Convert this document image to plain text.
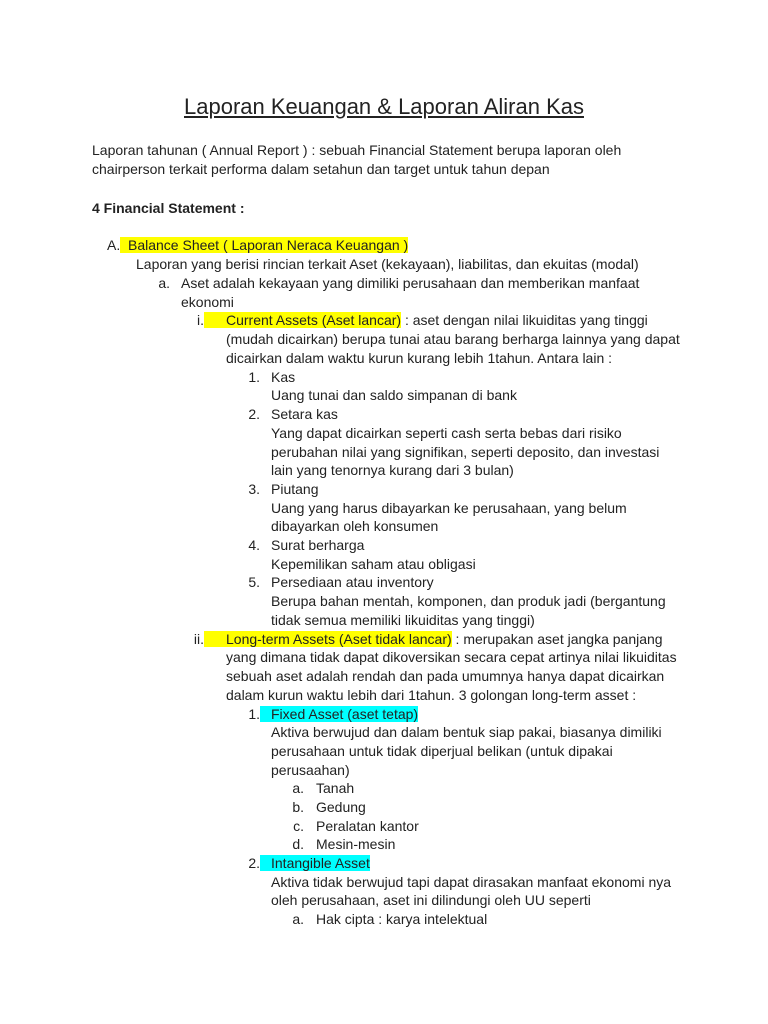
Laporan Keuangan & Laporan Aliran Kas
Laporan tahunan ( Annual Report ) : sebuah Financial Statement berupa laporan oleh
chairperson terkait performa dalam setahun dan target untuk tahun depan
4 Financial Statement :
A. Balance Sheet ( Laporan Neraca Keuangan )
Laporan yang berisi rincian terkait Aset (kekayaan), liabilitas, dan ekuitas (modal)
a. Aset adalah kekayaan yang dimiliki perusahaan dan memberikan manfaat
ekonomi
i.	Current Assets (Aset lancar) : aset dengan nilai likuiditas yang tinggi
(mudah dicairkan) berupa tunai atau barang berharga lainnya yang dapat
dicairkan dalam waktu kurun kurang lebih 1tahun. Antara lain :
1. Kas
Uang tunai dan saldo simpanan di bank
2. Setara kas
Yang dapat dicairkan seperti cash serta bebas dari risiko
perubahan nilai yang signifikan, seperti deposito, dan investasi
lain yang tenornya kurang dari 3 bulan)
3. Piutang
Uang yang harus dibayarkan ke perusahaan, yang belum
dibayarkan oleh konsumen
4. Surat berharga
Kepemilikan saham atau obligasi
5. Persediaan atau inventory
Berupa bahan mentah, komponen, dan produk jadi (bergantung
tidak semua memiliki likuiditas yang tinggi)
ii.	Long-term Assets (Aset tidak lancar) : merupakan aset jangka panjang
yang dimana tidak dapat dikoversikan secara cepat artinya nilai likuiditas
sebuah aset adalah rendah dan pada umumnya hanya dapat dicairkan
dalam kurun waktu lebih dari 1tahun. 3 golongan long-term asset :
1. Fixed Asset (aset tetap)
Aktiva berwujud dan dalam bentuk siap pakai, biasanya dimiliki
perusahaan untuk tidak diperjual belikan (untuk dipakai
perusaahan)
a. Tanah
b. Gedung
c. Peralatan kantor
d. Mesin-mesin
2. Intangible Asset
Aktiva tidak berwujud tapi dapat dirasakan manfaat ekonomi nya
oleh perusahaan, aset ini dilindungi oleh UU seperti
a. Hak cipta : karya intelektual
